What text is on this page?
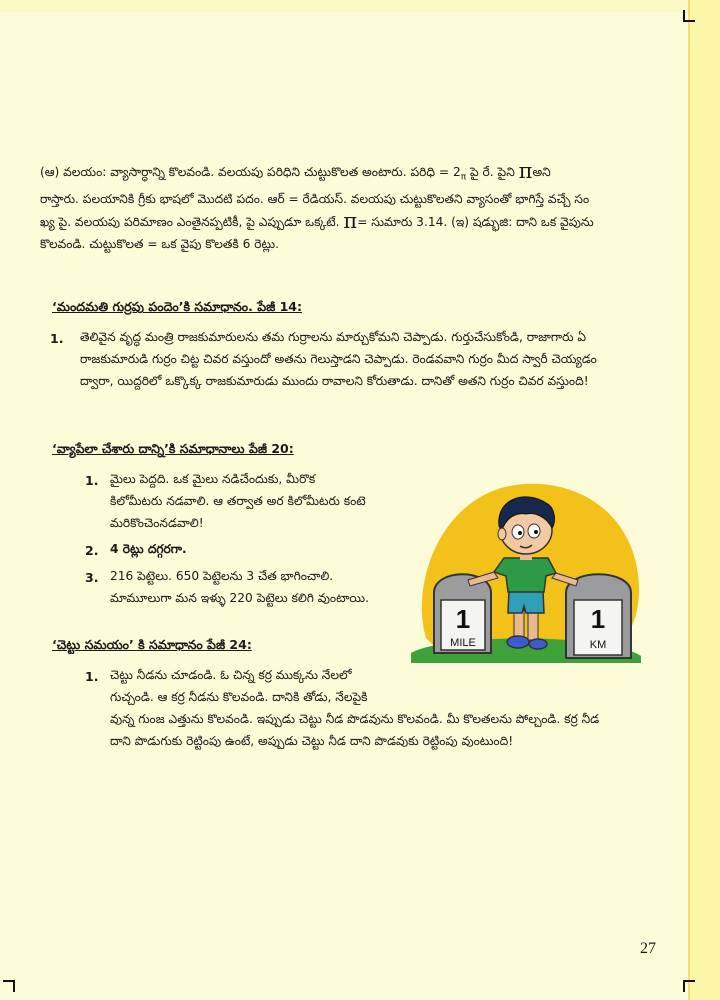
(ఆ) వలయం: వ్యాసార్ధాన్ని కొలవండి. వలయపు పరిధిని చుట్టుకొలత అంటారు. పరిధి = $2_\pi$ పై రే. పైని πఅని
రాస్తారు. పలయానికి గ్రీకు భాషలో మొదటి పదం. ఆర్ = రేడియస్. వలయపు చుట్టుకొలతని వ్యాసంతో భాగిస్తే వచ్చే సం
ఖ్య పై. వలయపు పరిమాణం ఎంతైనప్పటికీ, పై ఎప్పుడూ ఒక్కటే. π= సుమారు 3.14. (ఇ) షడ్భుజి: దాని ఒక వైపును
కొలవండి. చుట్టుకొలత = ఒక వైపు కొలతకి 6 రెట్లు.
‘మందమతి గుర్రపు పందెం’కి సమాధానం. పేజీ 14:
1. తెలివైన వృద్ధ మంత్రి రాజకుమారులను తమ గుర్రాలను మార్చుకోమని చెప్పాడు. గుర్తుచేసుకోండి, రాజాగారు ఏ
రాజకుమారుడి గుర్రం చిట్ట చివర వస్తుందో అతను గెలుస్తాడని చెప్పాడు. రెండవవాని గుర్రం మీద స్వారీ చెయ్యడం
ద్వారా, యిద్దరిలో ఒక్కొక్క రాజకుమారుడు ముందు రావాలని కోరుతాడు. దానితో అతని గుర్రం చివర వస్తుంది!
‘వ్యాపేలా చేశారు దాన్ని’కి సమాధానాలు పేజీ 20:
1. మైలు పెద్దది. ఒక మైలు నడిచేందుకు, మీరొక
కిలోమీటరు నడవాలి. ఆ తర్వాత అర కిలోమీటరు కంటె
మరికొంచెంనడవాలి!
2. 4 రెట్లు దగ్గరగా.
3. 216 పెట్టెలు. 650 పెట్టెలను 3 చేత భాగించాలి.
మామూలుగా మన ఇళ్ళు 220 పెట్టెలు కలిగి వుంటాయి.
‘చెట్టు సమయం’ కి సమాధానం పేజీ 24:
1. చెట్టు నీడను చూడండి. ఓ చిన్న కర్ర ముక్కను నేలలో
గుచ్చండి. ఆ కర్ర నీడను కొలవండి. దానికి తోడు, నేలపైకి
వున్న గుంజ ఎత్తును కొలవండి. ఇప్పుడు చెట్టు నీడ పొడవును కొలవండి. మీ కొలతలను పోల్చండి. కర్ర నీడ
దాని పొడుగుకు రెట్టింపు ఉంటే, అప్పుడు చెట్టు నీడ దాని పొడవుకు రెట్టింపు వుంటుంది!
1
MILE
1
KM
27
